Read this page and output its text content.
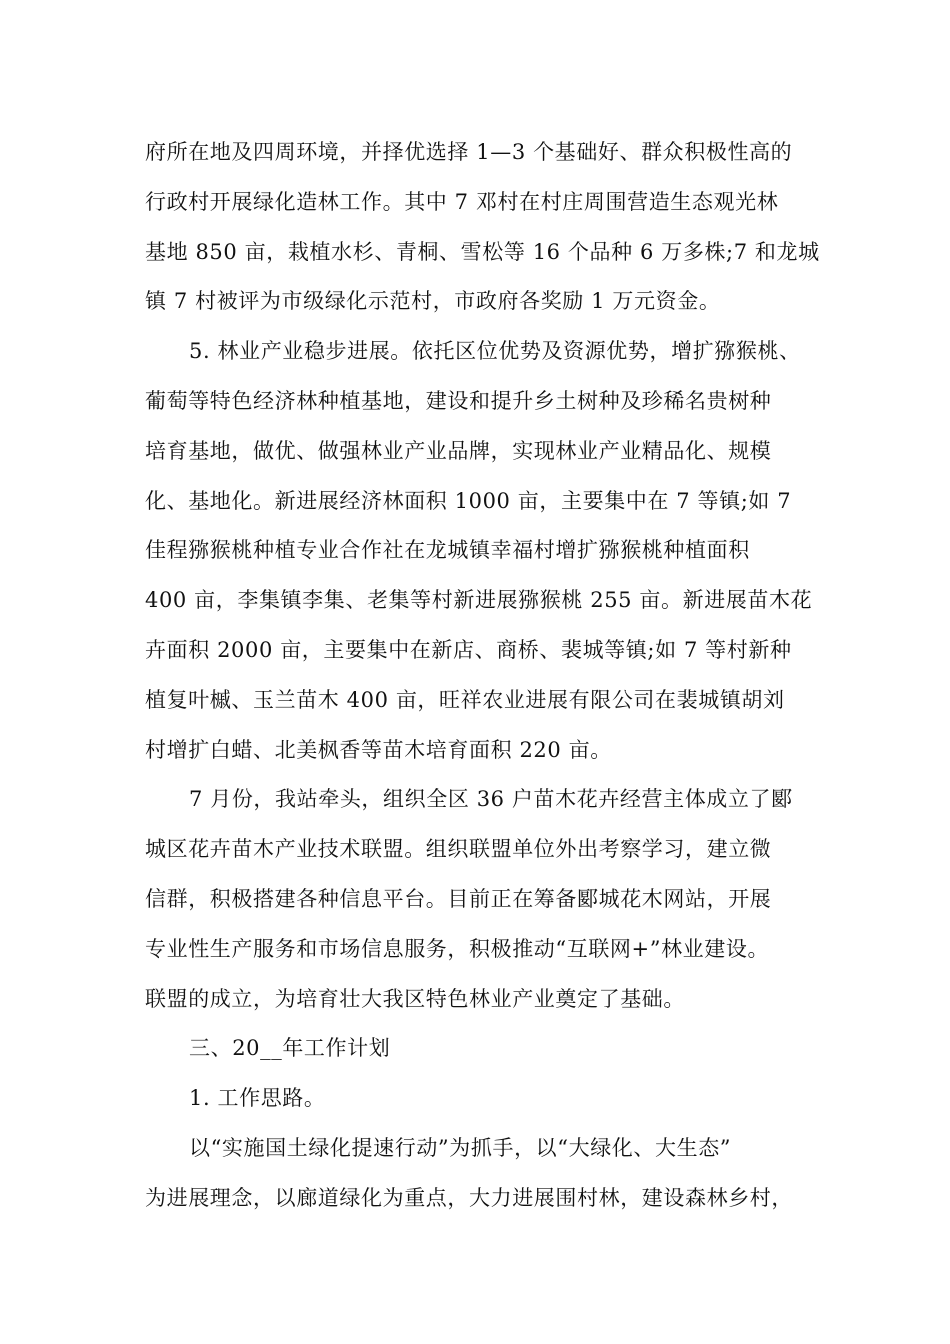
府所在地及四周环境，并择优选择 1—3 个基础好、群众积极性高的
行政村开展绿化造林工作。其中 7 邓村在村庄周围营造生态观光林
基地 850 亩，栽植水杉、青桐、雪松等 16 个品种 6 万多株;7 和龙城
镇 7 村被评为市级绿化示范村，市政府各奖励 1 万元资金。
5. 林业产业稳步进展。依托区位优势及资源优势，增扩猕猴桃、
葡萄等特色经济林种植基地，建设和提升乡土树种及珍稀名贵树种
培育基地，做优、做强林业产业品牌，实现林业产业精品化、规模
化、基地化。新进展经济林面积 1000 亩，主要集中在 7 等镇;如 7
佳程猕猴桃种植专业合作社在龙城镇幸福村增扩猕猴桃种植面积
400 亩，李集镇李集、老集等村新进展猕猴桃 255 亩。新进展苗木花
卉面积 2000 亩，主要集中在新店、商桥、裴城等镇;如 7 等村新种
植复叶槭、玉兰苗木 400 亩，旺祥农业进展有限公司在裴城镇胡刘
村增扩白蜡、北美枫香等苗木培育面积 220 亩。
7 月份，我站牵头，组织全区 36 户苗木花卉经营主体成立了郾
城区花卉苗木产业技术联盟。组织联盟单位外出考察学习，建立微
信群，积极搭建各种信息平台。目前正在筹备郾城花木网站，开展
专业性生产服务和市场信息服务，积极推动“互联网+”林业建设。
联盟的成立，为培育壮大我区特色林业产业奠定了基础。
三、20__年工作计划
1. 工作思路。
以“实施国土绿化提速行动”为抓手，以“大绿化、大生态”
为进展理念，以廊道绿化为重点，大力进展围村林，建设森林乡村，
